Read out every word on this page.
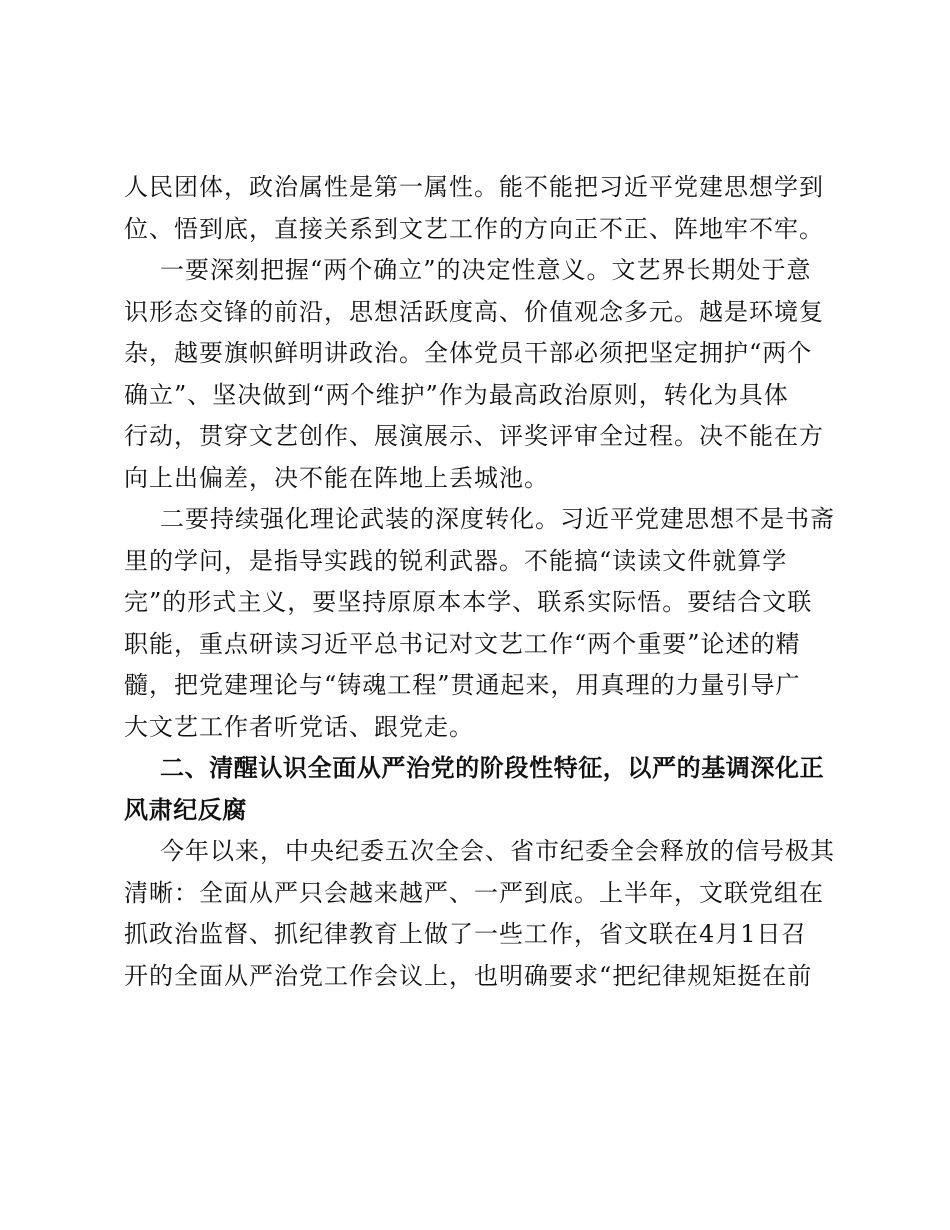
人民团体，政治属性是第一属性。能不能把习近平党建思想学到
位、悟到底，直接关系到文艺工作的方向正不正、阵地牢不牢。
一要深刻把握“两个确立”的决定性意义。文艺界长期处于意
识形态交锋的前沿，思想活跃度高、价值观念多元。越是环境复
杂，越要旗帜鲜明讲政治。全体党员干部必须把坚定拥护“两个
确立”、坚决做到“两个维护”作为最高政治原则，转化为具体
行动，贯穿文艺创作、展演展示、评奖评审全过程。决不能在方
向上出偏差，决不能在阵地上丢城池。
二要持续强化理论武装的深度转化。习近平党建思想不是书斋
里的学问，是指导实践的锐利武器。不能搞“读读文件就算学
完”的形式主义，要坚持原原本本学、联系实际悟。要结合文联
职能，重点研读习近平总书记对文艺工作“两个重要”论述的精
髓，把党建理论与“铸魂工程”贯通起来，用真理的力量引导广
大文艺工作者听党话、跟党走。
二、清醒认识全面从严治党的阶段性特征，以严的基调深化正
风肃纪反腐
今年以来，中央纪委五次全会、省市纪委全会释放的信号极其
清晰：全面从严只会越来越严、一严到底。上半年，文联党组在
抓政治监督、抓纪律教育上做了一些工作，省文联在4月1日召
开的全面从严治党工作会议上，也明确要求“把纪律规矩挺在前
